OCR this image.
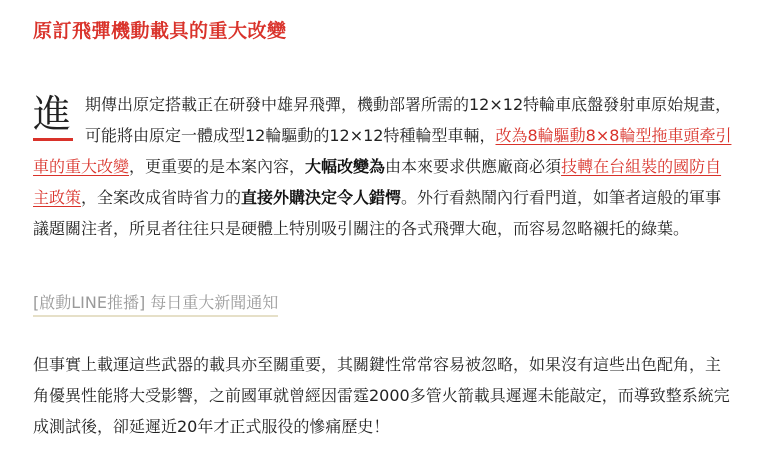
原訂飛彈機動載具的重大改變

進 期傳出原定搭載正在研發中雄昇飛彈，機動部署所需的12×12特輪車底盤發射車原始規畫，可能將由原定一體成型12輪驅動的12×12特種輪型車輛，改為8輪驅動8×8輪型拖車頭牽引車的重大改變，更重要的是本案內容，大幅改變為由本來要求供應廠商必須技轉在台組裝的國防自主政策，全案改成省時省力的直接外購決定令人錯愕。外行看熱鬧內行看門道，如筆者這般的軍事議題關注者，所見者往往只是硬體上特別吸引關注的各式飛彈大砲，而容易忽略襯托的綠葉。

[啟動LINE推播] 每日重大新聞通知

但事實上載運這些武器的載具亦至關重要，其關鍵性常常容易被忽略，如果沒有這些出色配角，主角優異性能將大受影響，之前國軍就曾經因雷霆2000多管火箭載具遲遲未能敲定，而導致整系統完成測試後，卻延遲近20年才正式服役的慘痛歷史！
